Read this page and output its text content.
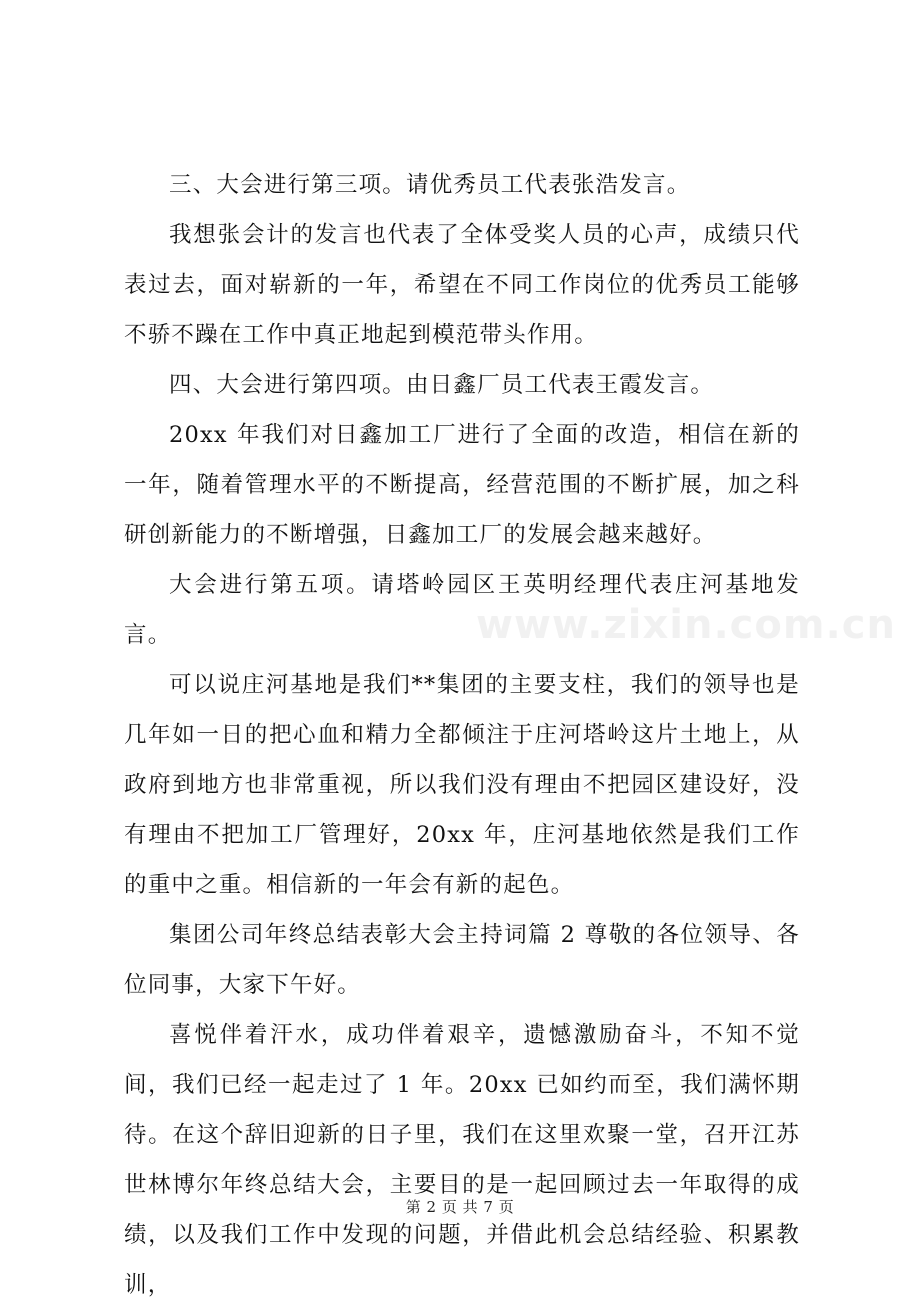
三、大会进行第三项。请优秀员工代表张浩发言。

我想张会计的发言也代表了全体受奖人员的心声，成绩只代表过去，面对崭新的一年，希望在不同工作岗位的优秀员工能够不骄不躁在工作中真正地起到模范带头作用。

四、大会进行第四项。由日鑫厂员工代表王霞发言。

20xx 年我们对日鑫加工厂进行了全面的改造，相信在新的一年，随着管理水平的不断提高，经营范围的不断扩展，加之科研创新能力的不断增强，日鑫加工厂的发展会越来越好。

大会进行第五项。请塔岭园区王英明经理代表庄河基地发言。

可以说庄河基地是我们**集团的主要支柱，我们的领导也是几年如一日的把心血和精力全都倾注于庄河塔岭这片土地上，从政府到地方也非常重视，所以我们没有理由不把园区建设好，没有理由不把加工厂管理好，20xx 年，庄河基地依然是我们工作的重中之重。相信新的一年会有新的起色。

集团公司年终总结表彰大会主持词篇 2 尊敬的各位领导、各位同事，大家下午好。

喜悦伴着汗水，成功伴着艰辛，遗憾激励奋斗，不知不觉间，我们已经一起走过了 1 年。20xx 已如约而至，我们满怀期待。在这个辞旧迎新的日子里，我们在这里欢聚一堂，召开江苏世林博尔年终总结大会，主要目的是一起回顾过去一年取得的成绩，以及我们工作中发现的问题，并借此机会总结经验、积累教训，

www.zixin.com.cn
第 2 页 共 7 页
